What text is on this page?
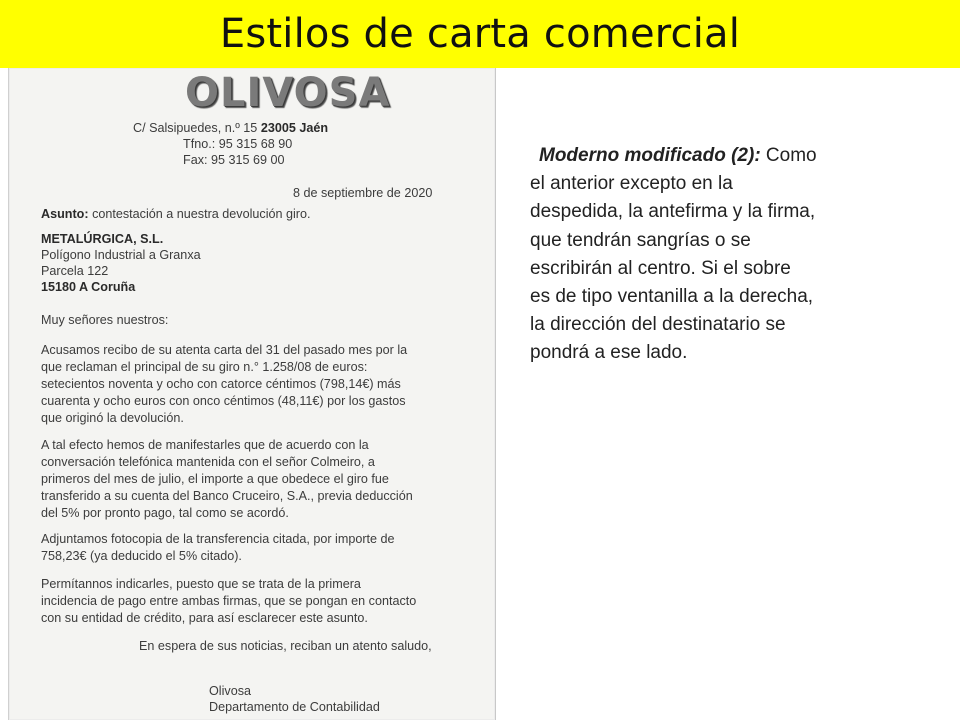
Estilos de carta comercial
OLIVOSA
C/ Salsipuedes, n.º 15 23005 Jaén
Tfno.: 95 315 68 90
Fax: 95 315 69 00
8 de septiembre de 2020
Asunto: contestación a nuestra devolución giro.
METALÚRGICA, S.L.
Polígono Industrial a Granxa
Parcela 122
15180 A Coruña
Muy señores nuestros:
Acusamos recibo de su atenta carta del 31 del pasado mes por la
que reclaman el principal de su giro n.° 1.258/08 de euros:
setecientos noventa y ocho con catorce céntimos (798,14€) más
cuarenta y ocho euros con onco céntimos (48,11€) por los gastos
que originó la devolución.
A tal efecto hemos de manifestarles que de acuerdo con la
conversación telefónica mantenida con el señor Colmeiro, a
primeros del mes de julio, el importe a que obedece el giro fue
transferido a su cuenta del Banco Cruceiro, S.A., previa deducción
del 5% por pronto pago, tal como se acordó.
Adjuntamos fotocopia de la transferencia citada, por importe de
758,23€ (ya deducido el 5% citado).
Permítannos indicarles, puesto que se trata de la primera
incidencia de pago entre ambas firmas, que se pongan en contacto
con su entidad de crédito, para así esclarecer este asunto.
En espera de sus noticias, reciban un atento saludo,
Olivosa
Departamento de Contabilidad
Moderno modificado (2): Como
el anterior excepto en la
despedida, la antefirma y la firma,
que tendrán sangrías o se
escribirán al centro. Si el sobre
es de tipo ventanilla a la derecha,
la dirección del destinatario se
pondrá a ese lado.
